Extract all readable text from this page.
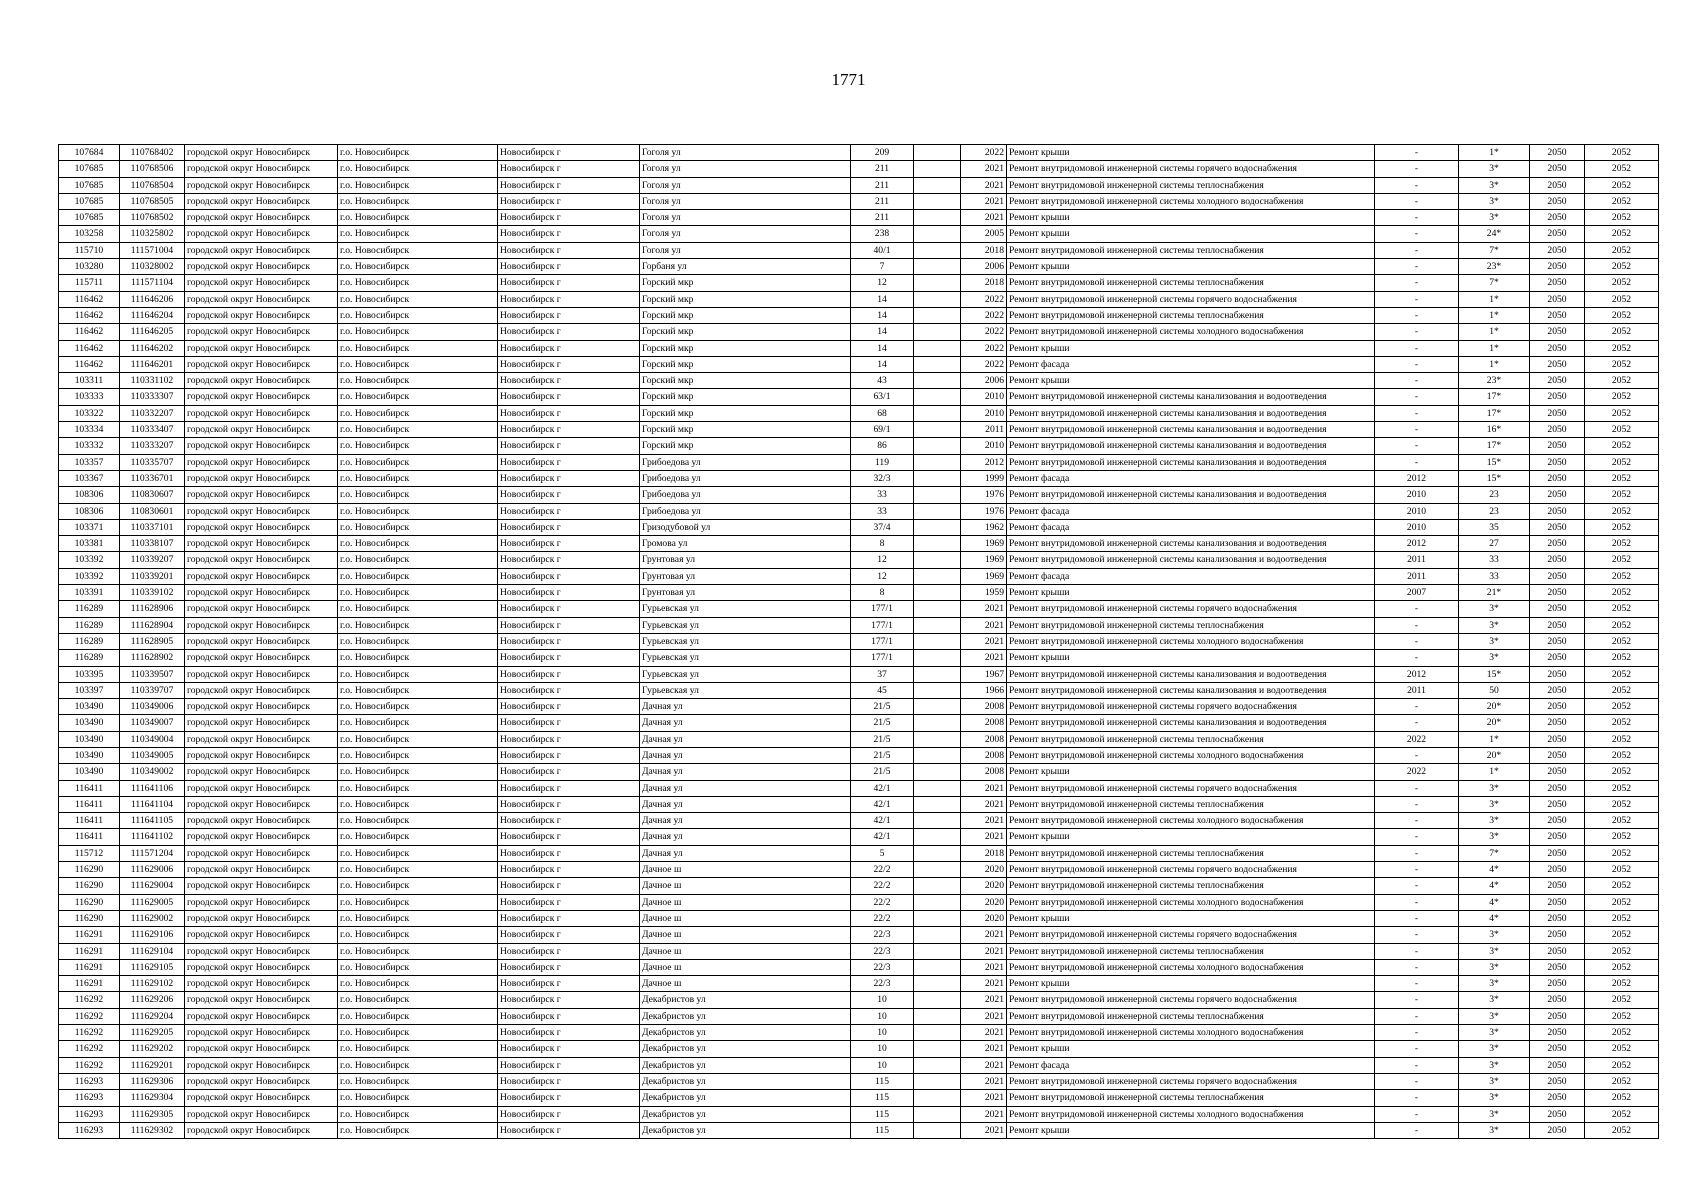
1771
107684	110768402	городской округ Новосибирск	г.о. Новосибирск	Новосибирск г	Гоголя ул	209		2022	Ремонт крыши	-	1*	2050	2052
107685	110768506	городской округ Новосибирск	г.о. Новосибирск	Новосибирск г	Гоголя ул	211		2021	Ремонт внутридомовой инженерной системы горячего водоснабжения	-	3*	2050	2052
107685	110768504	городской округ Новосибирск	г.о. Новосибирск	Новосибирск г	Гоголя ул	211		2021	Ремонт внутридомовой инженерной системы теплоснабжения	-	3*	2050	2052
107685	110768505	городской округ Новосибирск	г.о. Новосибирск	Новосибирск г	Гоголя ул	211		2021	Ремонт внутридомовой инженерной системы холодного водоснабжения	-	3*	2050	2052
107685	110768502	городской округ Новосибирск	г.о. Новосибирск	Новосибирск г	Гоголя ул	211		2021	Ремонт крыши	-	3*	2050	2052
103258	110325802	городской округ Новосибирск	г.о. Новосибирск	Новосибирск г	Гоголя ул	238		2005	Ремонт крыши	-	24*	2050	2052
115710	111571004	городской округ Новосибирск	г.о. Новосибирск	Новосибирск г	Гоголя ул	40/1		2018	Ремонт внутридомовой инженерной системы теплоснабжения	-	7*	2050	2052
103280	110328002	городской округ Новосибирск	г.о. Новосибирск	Новосибирск г	Горбаня ул	7		2006	Ремонт крыши	-	23*	2050	2052
115711	111571104	городской округ Новосибирск	г.о. Новосибирск	Новосибирск г	Горский мкр	12		2018	Ремонт внутридомовой инженерной системы теплоснабжения	-	7*	2050	2052
116462	111646206	городской округ Новосибирск	г.о. Новосибирск	Новосибирск г	Горский мкр	14		2022	Ремонт внутридомовой инженерной системы горячего водоснабжения	-	1*	2050	2052
116462	111646204	городской округ Новосибирск	г.о. Новосибирск	Новосибирск г	Горский мкр	14		2022	Ремонт внутридомовой инженерной системы теплоснабжения	-	1*	2050	2052
116462	111646205	городской округ Новосибирск	г.о. Новосибирск	Новосибирск г	Горский мкр	14		2022	Ремонт внутридомовой инженерной системы холодного водоснабжения	-	1*	2050	2052
116462	111646202	городской округ Новосибирск	г.о. Новосибирск	Новосибирск г	Горский мкр	14		2022	Ремонт крыши	-	1*	2050	2052
116462	111646201	городской округ Новосибирск	г.о. Новосибирск	Новосибирск г	Горский мкр	14		2022	Ремонт фасада	-	1*	2050	2052
103311	110331102	городской округ Новосибирск	г.о. Новосибирск	Новосибирск г	Горский мкр	43		2006	Ремонт крыши	-	23*	2050	2052
103333	110333307	городской округ Новосибирск	г.о. Новосибирск	Новосибирск г	Горский мкр	63/1		2010	Ремонт внутридомовой инженерной системы канализования и водоотведения	-	17*	2050	2052
103322	110332207	городской округ Новосибирск	г.о. Новосибирск	Новосибирск г	Горский мкр	68		2010	Ремонт внутридомовой инженерной системы канализования и водоотведения	-	17*	2050	2052
103334	110333407	городской округ Новосибирск	г.о. Новосибирск	Новосибирск г	Горский мкр	69/1		2011	Ремонт внутридомовой инженерной системы канализования и водоотведения	-	16*	2050	2052
103332	110333207	городской округ Новосибирск	г.о. Новосибирск	Новосибирск г	Горский мкр	86		2010	Ремонт внутридомовой инженерной системы канализования и водоотведения	-	17*	2050	2052
103357	110335707	городской округ Новосибирск	г.о. Новосибирск	Новосибирск г	Грибоедова ул	119		2012	Ремонт внутридомовой инженерной системы канализования и водоотведения	-	15*	2050	2052
103367	110336701	городской округ Новосибирск	г.о. Новосибирск	Новосибирск г	Грибоедова ул	32/3		1999	Ремонт фасада	2012	15*	2050	2052
108306	110830607	городской округ Новосибирск	г.о. Новосибирск	Новосибирск г	Грибоедова ул	33		1976	Ремонт внутридомовой инженерной системы канализования и водоотведения	2010	23	2050	2052
108306	110830601	городской округ Новосибирск	г.о. Новосибирск	Новосибирск г	Грибоедова ул	33		1976	Ремонт фасада	2010	23	2050	2052
103371	110337101	городской округ Новосибирск	г.о. Новосибирск	Новосибирск г	Гризодубовой ул	37/4		1962	Ремонт фасада	2010	35	2050	2052
103381	110338107	городской округ Новосибирск	г.о. Новосибирск	Новосибирск г	Громова ул	8		1969	Ремонт внутридомовой инженерной системы канализования и водоотведения	2012	27	2050	2052
103392	110339207	городской округ Новосибирск	г.о. Новосибирск	Новосибирск г	Грунтовая ул	12		1969	Ремонт внутридомовой инженерной системы канализования и водоотведения	2011	33	2050	2052
103392	110339201	городской округ Новосибирск	г.о. Новосибирск	Новосибирск г	Грунтовая ул	12		1969	Ремонт фасада	2011	33	2050	2052
103391	110339102	городской округ Новосибирск	г.о. Новосибирск	Новосибирск г	Грунтовая ул	8		1959	Ремонт крыши	2007	21*	2050	2052
116289	111628906	городской округ Новосибирск	г.о. Новосибирск	Новосибирск г	Гурьевская ул	177/1		2021	Ремонт внутридомовой инженерной системы горячего водоснабжения	-	3*	2050	2052
116289	111628904	городской округ Новосибирск	г.о. Новосибирск	Новосибирск г	Гурьевская ул	177/1		2021	Ремонт внутридомовой инженерной системы теплоснабжения	-	3*	2050	2052
116289	111628905	городской округ Новосибирск	г.о. Новосибирск	Новосибирск г	Гурьевская ул	177/1		2021	Ремонт внутридомовой инженерной системы холодного водоснабжения	-	3*	2050	2052
116289	111628902	городской округ Новосибирск	г.о. Новосибирск	Новосибирск г	Гурьевская ул	177/1		2021	Ремонт крыши	-	3*	2050	2052
103395	110339507	городской округ Новосибирск	г.о. Новосибирск	Новосибирск г	Гурьевская ул	37		1967	Ремонт внутридомовой инженерной системы канализования и водоотведения	2012	15*	2050	2052
103397	110339707	городской округ Новосибирск	г.о. Новосибирск	Новосибирск г	Гурьевская ул	45		1966	Ремонт внутридомовой инженерной системы канализования и водоотведения	2011	50	2050	2052
103490	110349006	городской округ Новосибирск	г.о. Новосибирск	Новосибирск г	Дачная ул	21/5		2008	Ремонт внутридомовой инженерной системы горячего водоснабжения	-	20*	2050	2052
103490	110349007	городской округ Новосибирск	г.о. Новосибирск	Новосибирск г	Дачная ул	21/5		2008	Ремонт внутридомовой инженерной системы канализования и водоотведения	-	20*	2050	2052
103490	110349004	городской округ Новосибирск	г.о. Новосибирск	Новосибирск г	Дачная ул	21/5		2008	Ремонт внутридомовой инженерной системы теплоснабжения	2022	1*	2050	2052
103490	110349005	городской округ Новосибирск	г.о. Новосибирск	Новосибирск г	Дачная ул	21/5		2008	Ремонт внутридомовой инженерной системы холодного водоснабжения	-	20*	2050	2052
103490	110349002	городской округ Новосибирск	г.о. Новосибирск	Новосибирск г	Дачная ул	21/5		2008	Ремонт крыши	2022	1*	2050	2052
116411	111641106	городской округ Новосибирск	г.о. Новосибирск	Новосибирск г	Дачная ул	42/1		2021	Ремонт внутридомовой инженерной системы горячего водоснабжения	-	3*	2050	2052
116411	111641104	городской округ Новосибирск	г.о. Новосибирск	Новосибирск г	Дачная ул	42/1		2021	Ремонт внутридомовой инженерной системы теплоснабжения	-	3*	2050	2052
116411	111641105	городской округ Новосибирск	г.о. Новосибирск	Новосибирск г	Дачная ул	42/1		2021	Ремонт внутридомовой инженерной системы холодного водоснабжения	-	3*	2050	2052
116411	111641102	городской округ Новосибирск	г.о. Новосибирск	Новосибирск г	Дачная ул	42/1		2021	Ремонт крыши	-	3*	2050	2052
115712	111571204	городской округ Новосибирск	г.о. Новосибирск	Новосибирск г	Дачная ул	5		2018	Ремонт внутридомовой инженерной системы теплоснабжения	-	7*	2050	2052
116290	111629006	городской округ Новосибирск	г.о. Новосибирск	Новосибирск г	Дачное ш	22/2		2020	Ремонт внутридомовой инженерной системы горячего водоснабжения	-	4*	2050	2052
116290	111629004	городской округ Новосибирск	г.о. Новосибирск	Новосибирск г	Дачное ш	22/2		2020	Ремонт внутридомовой инженерной системы теплоснабжения	-	4*	2050	2052
116290	111629005	городской округ Новосибирск	г.о. Новосибирск	Новосибирск г	Дачное ш	22/2		2020	Ремонт внутридомовой инженерной системы холодного водоснабжения	-	4*	2050	2052
116290	111629002	городской округ Новосибирск	г.о. Новосибирск	Новосибирск г	Дачное ш	22/2		2020	Ремонт крыши	-	4*	2050	2052
116291	111629106	городской округ Новосибирск	г.о. Новосибирск	Новосибирск г	Дачное ш	22/3		2021	Ремонт внутридомовой инженерной системы горячего водоснабжения	-	3*	2050	2052
116291	111629104	городской округ Новосибирск	г.о. Новосибирск	Новосибирск г	Дачное ш	22/3		2021	Ремонт внутридомовой инженерной системы теплоснабжения	-	3*	2050	2052
116291	111629105	городской округ Новосибирск	г.о. Новосибирск	Новосибирск г	Дачное ш	22/3		2021	Ремонт внутридомовой инженерной системы холодного водоснабжения	-	3*	2050	2052
116291	111629102	городской округ Новосибирск	г.о. Новосибирск	Новосибирск г	Дачное ш	22/3		2021	Ремонт крыши	-	3*	2050	2052
116292	111629206	городской округ Новосибирск	г.о. Новосибирск	Новосибирск г	Декабристов ул	10		2021	Ремонт внутридомовой инженерной системы горячего водоснабжения	-	3*	2050	2052
116292	111629204	городской округ Новосибирск	г.о. Новосибирск	Новосибирск г	Декабристов ул	10		2021	Ремонт внутридомовой инженерной системы теплоснабжения	-	3*	2050	2052
116292	111629205	городской округ Новосибирск	г.о. Новосибирск	Новосибирск г	Декабристов ул	10		2021	Ремонт внутридомовой инженерной системы холодного водоснабжения	-	3*	2050	2052
116292	111629202	городской округ Новосибирск	г.о. Новосибирск	Новосибирск г	Декабристов ул	10		2021	Ремонт крыши	-	3*	2050	2052
116292	111629201	городской округ Новосибирск	г.о. Новосибирск	Новосибирск г	Декабристов ул	10		2021	Ремонт фасада	-	3*	2050	2052
116293	111629306	городской округ Новосибирск	г.о. Новосибирск	Новосибирск г	Декабристов ул	115		2021	Ремонт внутридомовой инженерной системы горячего водоснабжения	-	3*	2050	2052
116293	111629304	городской округ Новосибирск	г.о. Новосибирск	Новосибирск г	Декабристов ул	115		2021	Ремонт внутридомовой инженерной системы теплоснабжения	-	3*	2050	2052
116293	111629305	городской округ Новосибирск	г.о. Новосибирск	Новосибирск г	Декабристов ул	115		2021	Ремонт внутридомовой инженерной системы холодного водоснабжения	-	3*	2050	2052
116293	111629302	городской округ Новосибирск	г.о. Новосибирск	Новосибирск г	Декабристов ул	115		2021	Ремонт крыши	-	3*	2050	2052
